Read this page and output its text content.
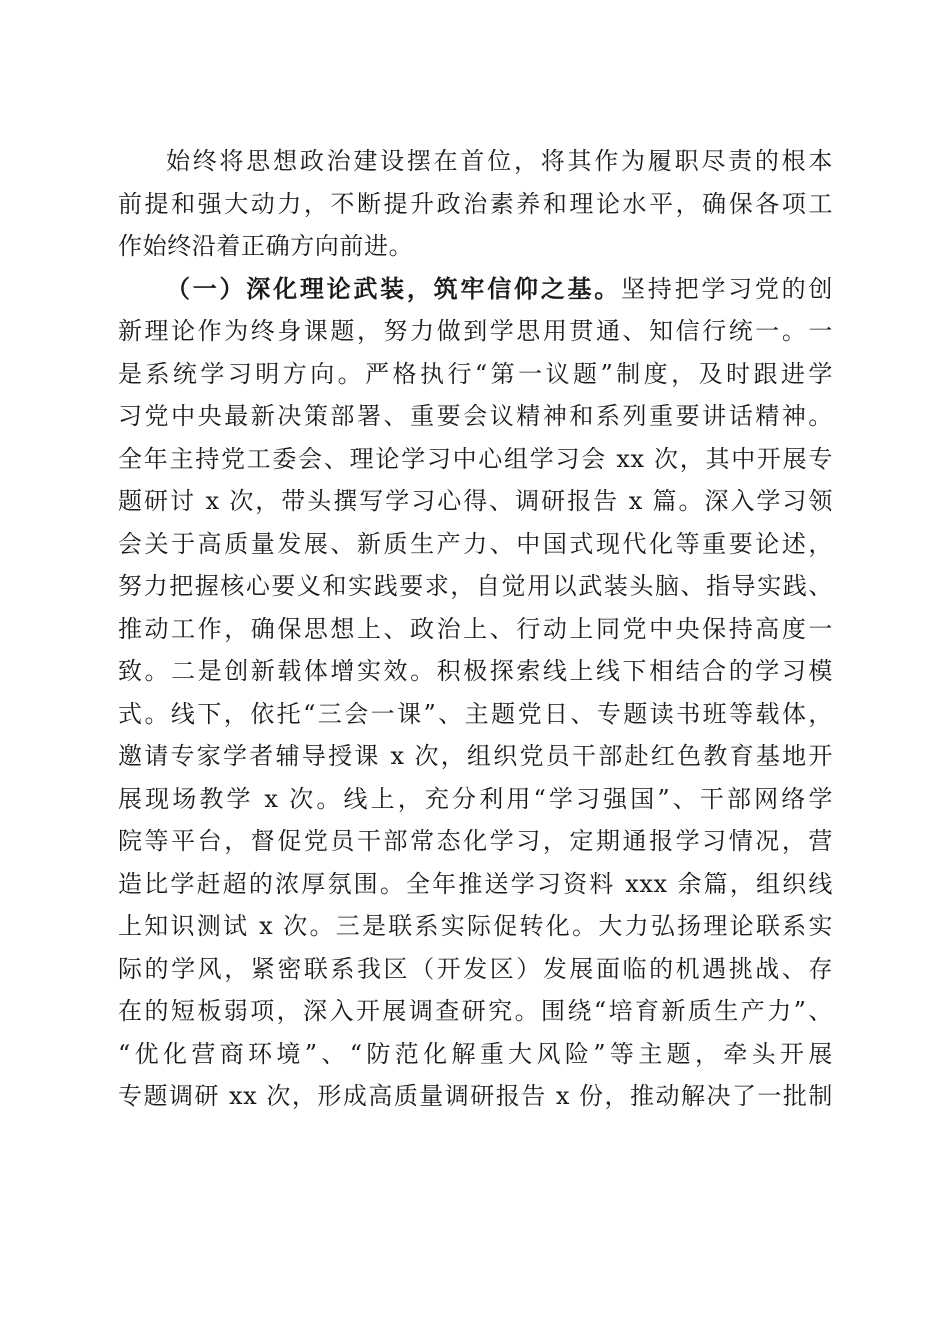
始终将思想政治建设摆在首位，将其作为履职尽责的根本
前提和强大动力，不断提升政治素养和理论水平，确保各项工
作始终沿着正确方向前进。
（一）深化理论武装，筑牢信仰之基。坚持把学习党的创
新理论作为终身课题，努力做到学思用贯通、知信行统一。一
是系统学习明方向。严格执行“第一议题”制度，及时跟进学
习党中央最新决策部署、重要会议精神和系列重要讲话精神。
全年主持党工委会、理论学习中心组学习会 xx 次，其中开展专
题研讨 x 次，带头撰写学习心得、调研报告 x 篇。深入学习领
会关于高质量发展、新质生产力、中国式现代化等重要论述，
努力把握核心要义和实践要求，自觉用以武装头脑、指导实践、
推动工作，确保思想上、政治上、行动上同党中央保持高度一
致。二是创新载体增实效。积极探索线上线下相结合的学习模
式。线下，依托“三会一课”、主题党日、专题读书班等载体，
邀请专家学者辅导授课 x 次，组织党员干部赴红色教育基地开
展现场教学 x 次。线上，充分利用“学习强国”、干部网络学
院等平台，督促党员干部常态化学习，定期通报学习情况，营
造比学赶超的浓厚氛围。全年推送学习资料 xxx 余篇，组织线
上知识测试 x 次。三是联系实际促转化。大力弘扬理论联系实
际的学风，紧密联系我区（开发区）发展面临的机遇挑战、存
在的短板弱项，深入开展调查研究。围绕“培育新质生产力”、
“优化营商环境”、“防范化解重大风险”等主题，牵头开展
专题调研 xx 次，形成高质量调研报告 x 份，推动解决了一批制
